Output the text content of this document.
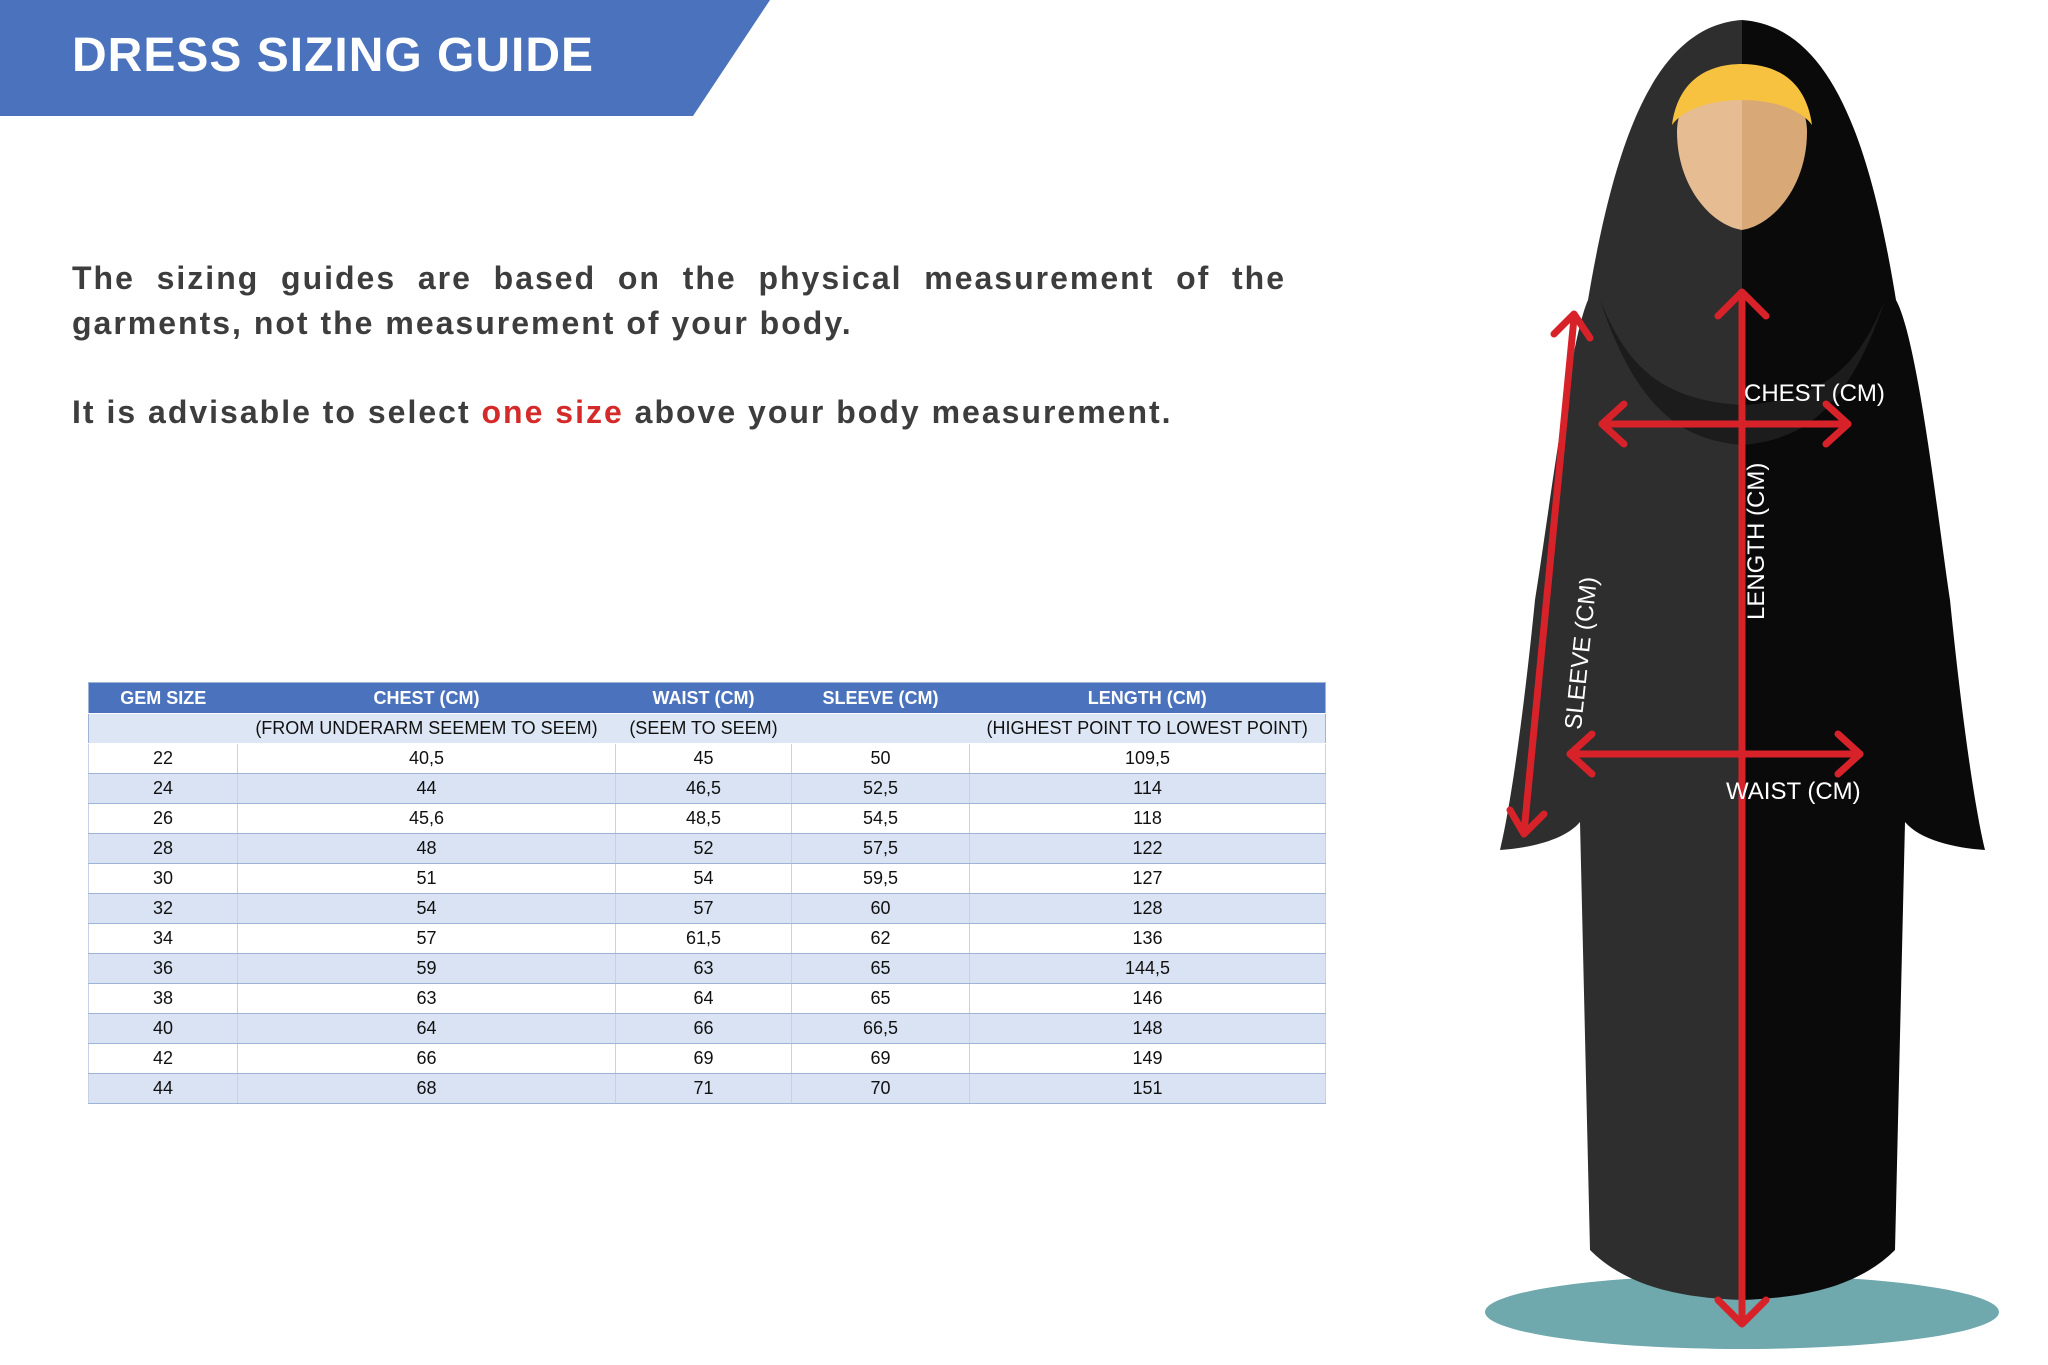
DRESS SIZING GUIDE

The sizing guides are based on the physical measurement of the garments, not the measurement of your body.

It is advisable to select one size above your body measurement.

GEM SIZE	CHEST (CM)	WAIST (CM)	SLEEVE (CM)	LENGTH (CM)
	(FROM UNDERARM SEEMEM TO SEEM)	(SEEM TO SEEM)		(HIGHEST POINT TO LOWEST POINT)
22	40,5	45	50	109,5
24	44	46,5	52,5	114
26	45,6	48,5	54,5	118
28	48	52	57,5	122
30	51	54	59,5	127
32	54	57	60	128
34	57	61,5	62	136
36	59	63	65	144,5
38	63	64	65	146
40	64	66	66,5	148
42	66	69	69	149
44	68	71	70	151
CHEST (CM)
WAIST (CM)
LENGTH (CM)
SLEEVE (CM)
